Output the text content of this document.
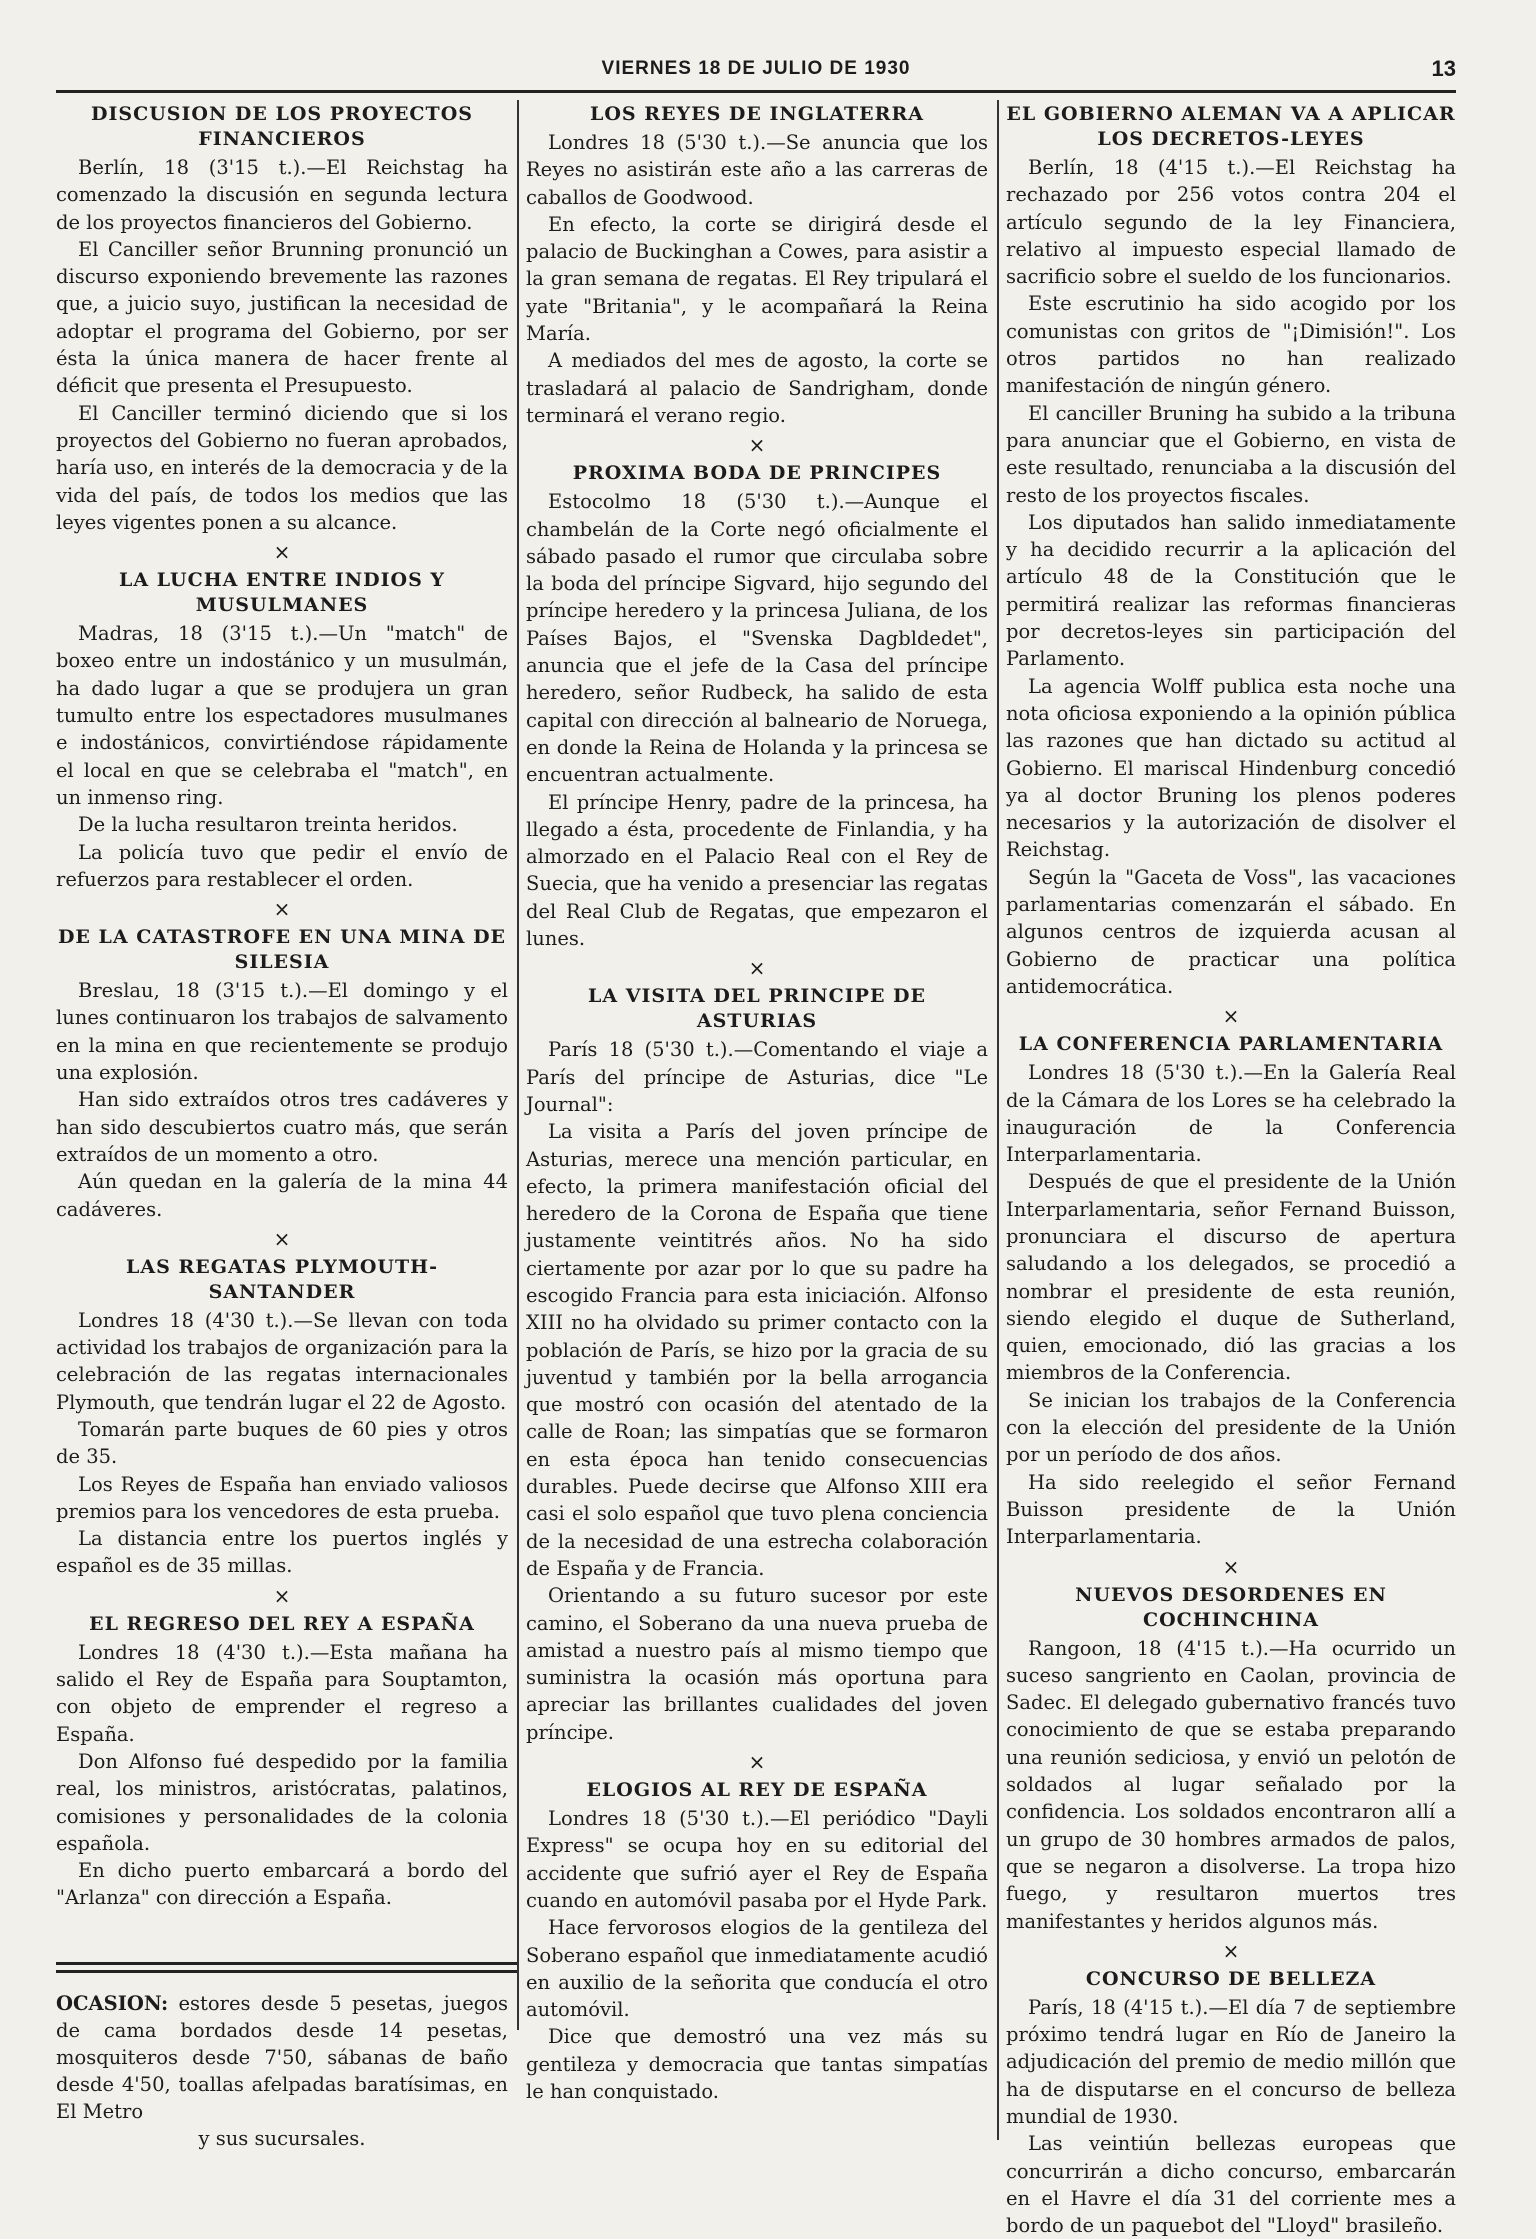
VIERNES 18 DE JULIO DE 1930	13
DISCUSION DE LOS PROYECTOS FINANCIEROS

Berlín, 18 (3'15 t.).—El Reichstag ha comenzado la discusión en segunda lectura de los proyectos financieros del Gobierno.

El Canciller señor Brunning pronunció un discurso exponiendo brevemente las razones que, a juicio suyo, justifican la necesidad de adoptar el programa del Gobierno, por ser ésta la única manera de hacer frente al déficit que presenta el Presupuesto.

El Canciller terminó diciendo que si los proyectos del Gobierno no fueran aprobados, haría uso, en interés de la democracia y de la vida del país, de todos los medios que las leyes vigentes ponen a su alcance.

×
LA LUCHA ENTRE INDIOS Y MUSULMANES

Madras, 18 (3'15 t.).—Un "match" de boxeo entre un indostánico y un musulmán, ha dado lugar a que se produjera un gran tumulto entre los espectadores musulmanes e indostánicos, convirtiéndose rápidamente el local en que se celebraba el "match", en un inmenso ring.

De la lucha resultaron treinta heridos.

La policía tuvo que pedir el envío de refuerzos para restablecer el orden.

×
DE LA CATASTROFE EN UNA MINA DE SILESIA

Breslau, 18 (3'15 t.).—El domingo y el lunes continuaron los trabajos de salvamento en la mina en que recientemente se produjo una explosión.

Han sido extraídos otros tres cadáveres y han sido descubiertos cuatro más, que serán extraídos de un momento a otro.

Aún quedan en la galería de la mina 44 cadáveres.

×
LAS REGATAS PLYMOUTH-SANTANDER

Londres 18 (4'30 t.).—Se llevan con toda actividad los trabajos de organización para la celebración de las regatas internacionales Plymouth, que tendrán lugar el 22 de Agosto.

Tomarán parte buques de 60 pies y otros de 35.

Los Reyes de España han enviado valiosos premios para los vencedores de esta prueba.

La distancia entre los puertos inglés y español es de 35 millas.

×
EL REGRESO DEL REY A ESPAÑA

Londres 18 (4'30 t.).—Esta mañana ha salido el Rey de España para Souptamton, con objeto de emprender el regreso a España.

Don Alfonso fué despedido por la familia real, los ministros, aristócratas, palatinos, comisiones y personalidades de la colonia española.

En dicho puerto embarcará a bordo del "Arlanza" con dirección a España.

OCASION: estores desde 5 pesetas, juegos de cama bordados desde 14 pesetas, mosquiteros desde 7'50, sábanas de baño desde 4'50, toallas afelpadas baratísimas, en El Metro
y sus sucursales.
LOS REYES DE INGLATERRA

Londres 18 (5'30 t.).—Se anuncia que los Reyes no asistirán este año a las carreras de caballos de Goodwood.

En efecto, la corte se dirigirá desde el palacio de Buckinghan a Cowes, para asistir a la gran semana de regatas. El Rey tripulará el yate "Britania", y le acompañará la Reina María.

A mediados del mes de agosto, la corte se trasladará al palacio de Sandrigham, donde terminará el verano regio.

×
PROXIMA BODA DE PRINCIPES

Estocolmo 18 (5'30 t.).—Aunque el chambelán de la Corte negó oficialmente el sábado pasado el rumor que circulaba sobre la boda del príncipe Sigvard, hijo segundo del príncipe heredero y la princesa Juliana, de los Países Bajos, el "Svenska Dagbldedet", anuncia que el jefe de la Casa del príncipe heredero, señor Rudbeck, ha salido de esta capital con dirección al balneario de Noruega, en donde la Reina de Holanda y la princesa se encuentran actualmente.

El príncipe Henry, padre de la princesa, ha llegado a ésta, procedente de Finlandia, y ha almorzado en el Palacio Real con el Rey de Suecia, que ha venido a presenciar las regatas del Real Club de Regatas, que empezaron el lunes.

×
LA VISITA DEL PRINCIPE DE ASTURIAS

París 18 (5'30 t.).—Comentando el viaje a París del príncipe de Asturias, dice "Le Journal":

La visita a París del joven príncipe de Asturias, merece una mención particular, en efecto, la primera manifestación oficial del heredero de la Corona de España que tiene justamente veintitrés años. No ha sido ciertamente por azar por lo que su padre ha escogido Francia para esta iniciación. Alfonso XIII no ha olvidado su primer contacto con la población de París, se hizo por la gracia de su juventud y también por la bella arrogancia que mostró con ocasión del atentado de la calle de Roan; las simpatías que se formaron en esta época han tenido consecuencias durables. Puede decirse que Alfonso XIII era casi el solo español que tuvo plena conciencia de la necesidad de una estrecha colaboración de España y de Francia.

Orientando a su futuro sucesor por este camino, el Soberano da una nueva prueba de amistad a nuestro país al mismo tiempo que suministra la ocasión más oportuna para apreciar las brillantes cualidades del joven príncipe.

×
ELOGIOS AL REY DE ESPAÑA

Londres 18 (5'30 t.).—El periódico "Dayli Express" se ocupa hoy en su editorial del accidente que sufrió ayer el Rey de España cuando en automóvil pasaba por el Hyde Park.

Hace fervorosos elogios de la gentileza del Soberano español que inmediatamente acudió en auxilio de la señorita que conducía el otro automóvil.

Dice que demostró una vez más su gentileza y democracia que tantas simpatías le han conquistado.

EL GOBIERNO ALEMAN VA A APLICAR LOS DECRETOS-LEYES

Berlín, 18 (4'15 t.).—El Reichstag ha rechazado por 256 votos contra 204 el artículo segundo de la ley Financiera, relativo al impuesto especial llamado de sacrificio sobre el sueldo de los funcionarios.

Este escrutinio ha sido acogido por los comunistas con gritos de "¡Dimisión!". Los otros partidos no han realizado manifestación de ningún género.

El canciller Bruning ha subido a la tribuna para anunciar que el Gobierno, en vista de este resultado, renunciaba a la discusión del resto de los proyectos fiscales.

Los diputados han salido inmediatamente y ha decidido recurrir a la aplicación del artículo 48 de la Constitución que le permitirá realizar las reformas financieras por decretos-leyes sin participación del Parlamento.

La agencia Wolff publica esta noche una nota oficiosa exponiendo a la opinión pública las razones que han dictado su actitud al Gobierno. El mariscal Hindenburg concedió ya al doctor Bruning los plenos poderes necesarios y la autorización de disolver el Reichstag.

Según la "Gaceta de Voss", las vacaciones parlamentarias comenzarán el sábado. En algunos centros de izquierda acusan al Gobierno de practicar una política antidemocrática.

×
LA CONFERENCIA PARLAMENTARIA

Londres 18 (5'30 t.).—En la Galería Real de la Cámara de los Lores se ha celebrado la inauguración de la Conferencia Interparlamentaria.

Después de que el presidente de la Unión Interparlamentaria, señor Fernand Buisson, pronunciara el discurso de apertura saludando a los delegados, se procedió a nombrar el presidente de esta reunión, siendo elegido el duque de Sutherland, quien, emocionado, dió las gracias a los miembros de la Conferencia.

Se inician los trabajos de la Conferencia con la elección del presidente de la Unión por un período de dos años.

Ha sido reelegido el señor Fernand Buisson presidente de la Unión Interparlamentaria.

×
NUEVOS DESORDENES EN COCHINCHINA

Rangoon, 18 (4'15 t.).—Ha ocurrido un suceso sangriento en Caolan, provincia de Sadec. El delegado gubernativo francés tuvo conocimiento de que se estaba preparando una reunión sediciosa, y envió un pelotón de soldados al lugar señalado por la confidencia. Los soldados encontraron allí a un grupo de 30 hombres armados de palos, que se negaron a disolverse. La tropa hizo fuego, y resultaron muertos tres manifestantes y heridos algunos más.

×
CONCURSO DE BELLEZA

París, 18 (4'15 t.).—El día 7 de septiembre próximo tendrá lugar en Río de Janeiro la adjudicación del premio de medio millón que ha de disputarse en el concurso de belleza mundial de 1930.

Las veintiún bellezas europeas que concurrirán a dicho concurso, embarcarán en el Havre el día 31 del corriente mes a bordo de un paquebot del "Lloyd" brasileño.
